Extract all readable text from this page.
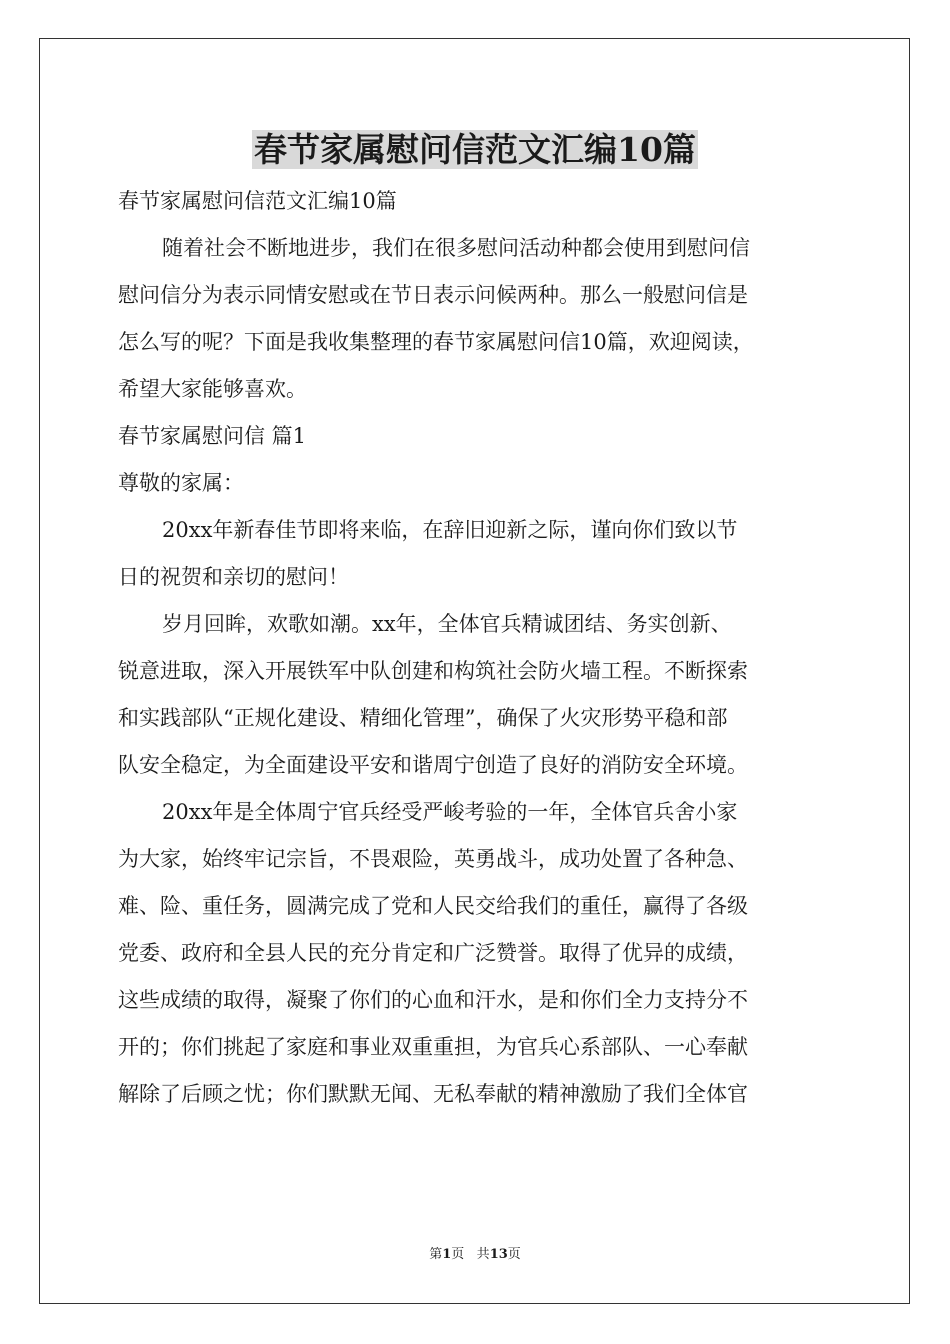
春节家属慰问信范文汇编10篇

春节家属慰问信范文汇编10篇

随着社会不断地进步，我们在很多慰问活动种都会使用到慰问信

慰问信分为表示同情安慰或在节日表示问候两种。那么一般慰问信是

怎么写的呢？下面是我收集整理的春节家属慰问信10篇，欢迎阅读，

希望大家能够喜欢。

春节家属慰问信 篇1

尊敬的家属：

20xx年新春佳节即将来临，在辞旧迎新之际，谨向你们致以节

日的祝贺和亲切的慰问！

岁月回眸，欢歌如潮。xx年，全体官兵精诚团结、务实创新、

锐意进取，深入开展铁军中队创建和构筑社会防火墙工程。不断探索

和实践部队“正规化建设、精细化管理”，确保了火灾形势平稳和部

队安全稳定，为全面建设平安和谐周宁创造了良好的消防安全环境。

20xx年是全体周宁官兵经受严峻考验的一年，全体官兵舍小家

为大家，始终牢记宗旨，不畏艰险，英勇战斗，成功处置了各种急、

难、险、重任务，圆满完成了党和人民交给我们的重任，赢得了各级

党委、政府和全县人民的充分肯定和广泛赞誉。取得了优异的成绩，

这些成绩的取得，凝聚了你们的心血和汗水，是和你们全力支持分不

开的；你们挑起了家庭和事业双重重担，为官兵心系部队、一心奉献

解除了后顾之忧；你们默默无闻、无私奉献的精神激励了我们全体官

第1页 共13页
